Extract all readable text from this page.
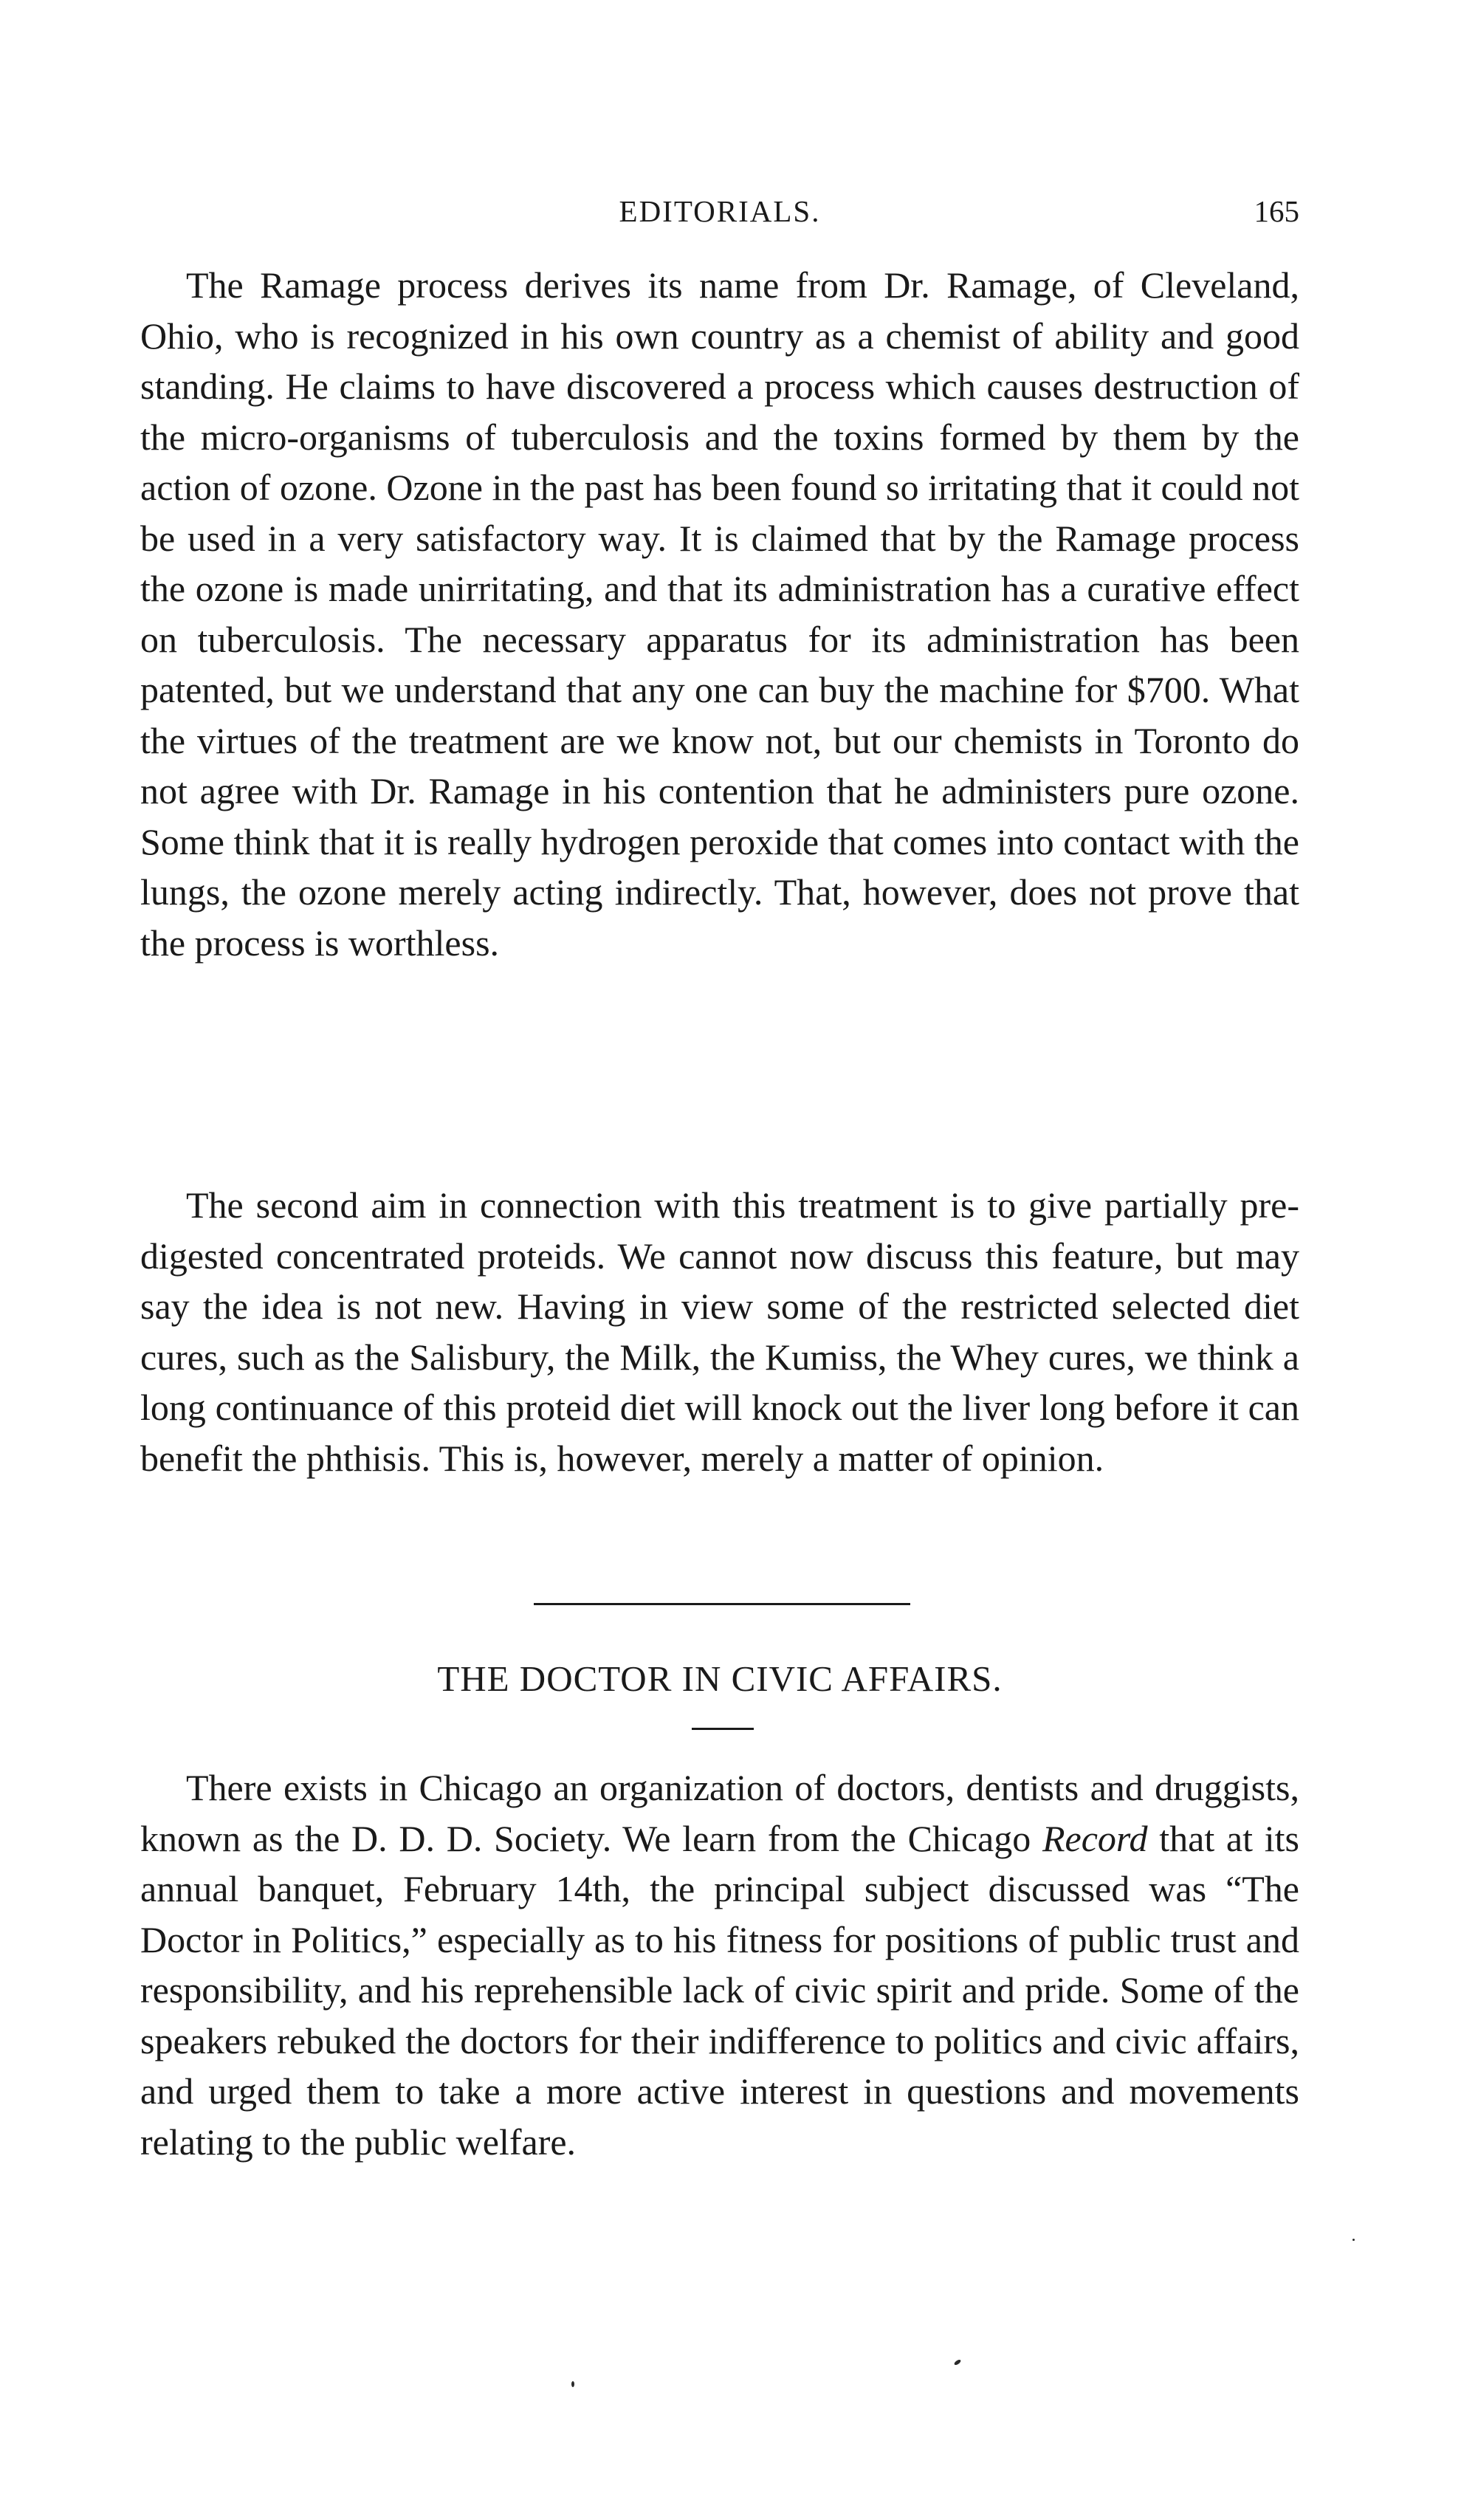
EDITORIALS.	165

The Ramage process derives its name from Dr. Ramage, of Cleveland, Ohio, who is recognized in his own country as a chemist of ability and good standing. He claims to have discovered a process which causes destruction of the micro-organisms of tuberculosis and the toxins formed by them by the action of ozone. Ozone in the past has been found so irritating that it could not be used in a very satisfactory way. It is claimed that by the Ramage process the ozone is made unirritating, and that its administration has a curative effect on tuberculosis. The necessary apparatus for its administration has been patented, but we understand that any one can buy the machine for $700. What the virtues of the treatment are we know not, but our chemists in Toronto do not agree with Dr. Ramage in his contention that he administers pure ozone. Some think that it is really hydrogen peroxide that comes into contact with the lungs, the ozone merely acting indirectly. That, however, does not prove that the process is worthless.

The second aim in connection with this treatment is to give partially pre-digested concentrated proteids. We cannot now discuss this feature, but may say the idea is not new. Having in view some of the restricted selected diet cures, such as the Salisbury, the Milk, the Kumiss, the Whey cures, we think a long continuance of this proteid diet will knock out the liver long before it can benefit the phthisis. This is, however, merely a matter of opinion.

THE DOCTOR IN CIVIC AFFAIRS.

There exists in Chicago an organization of doctors, dentists and druggists, known as the D. D. D. Society. We learn from the Chicago Record that at its annual banquet, February 14th, the principal subject discussed was “The Doctor in Politics,” especially as to his fitness for positions of public trust and responsibility, and his reprehensible lack of civic spirit and pride. Some of the speakers rebuked the doctors for their indifference to politics and civic affairs, and urged them to take a more active interest in questions and movements relating to the public welfare.
